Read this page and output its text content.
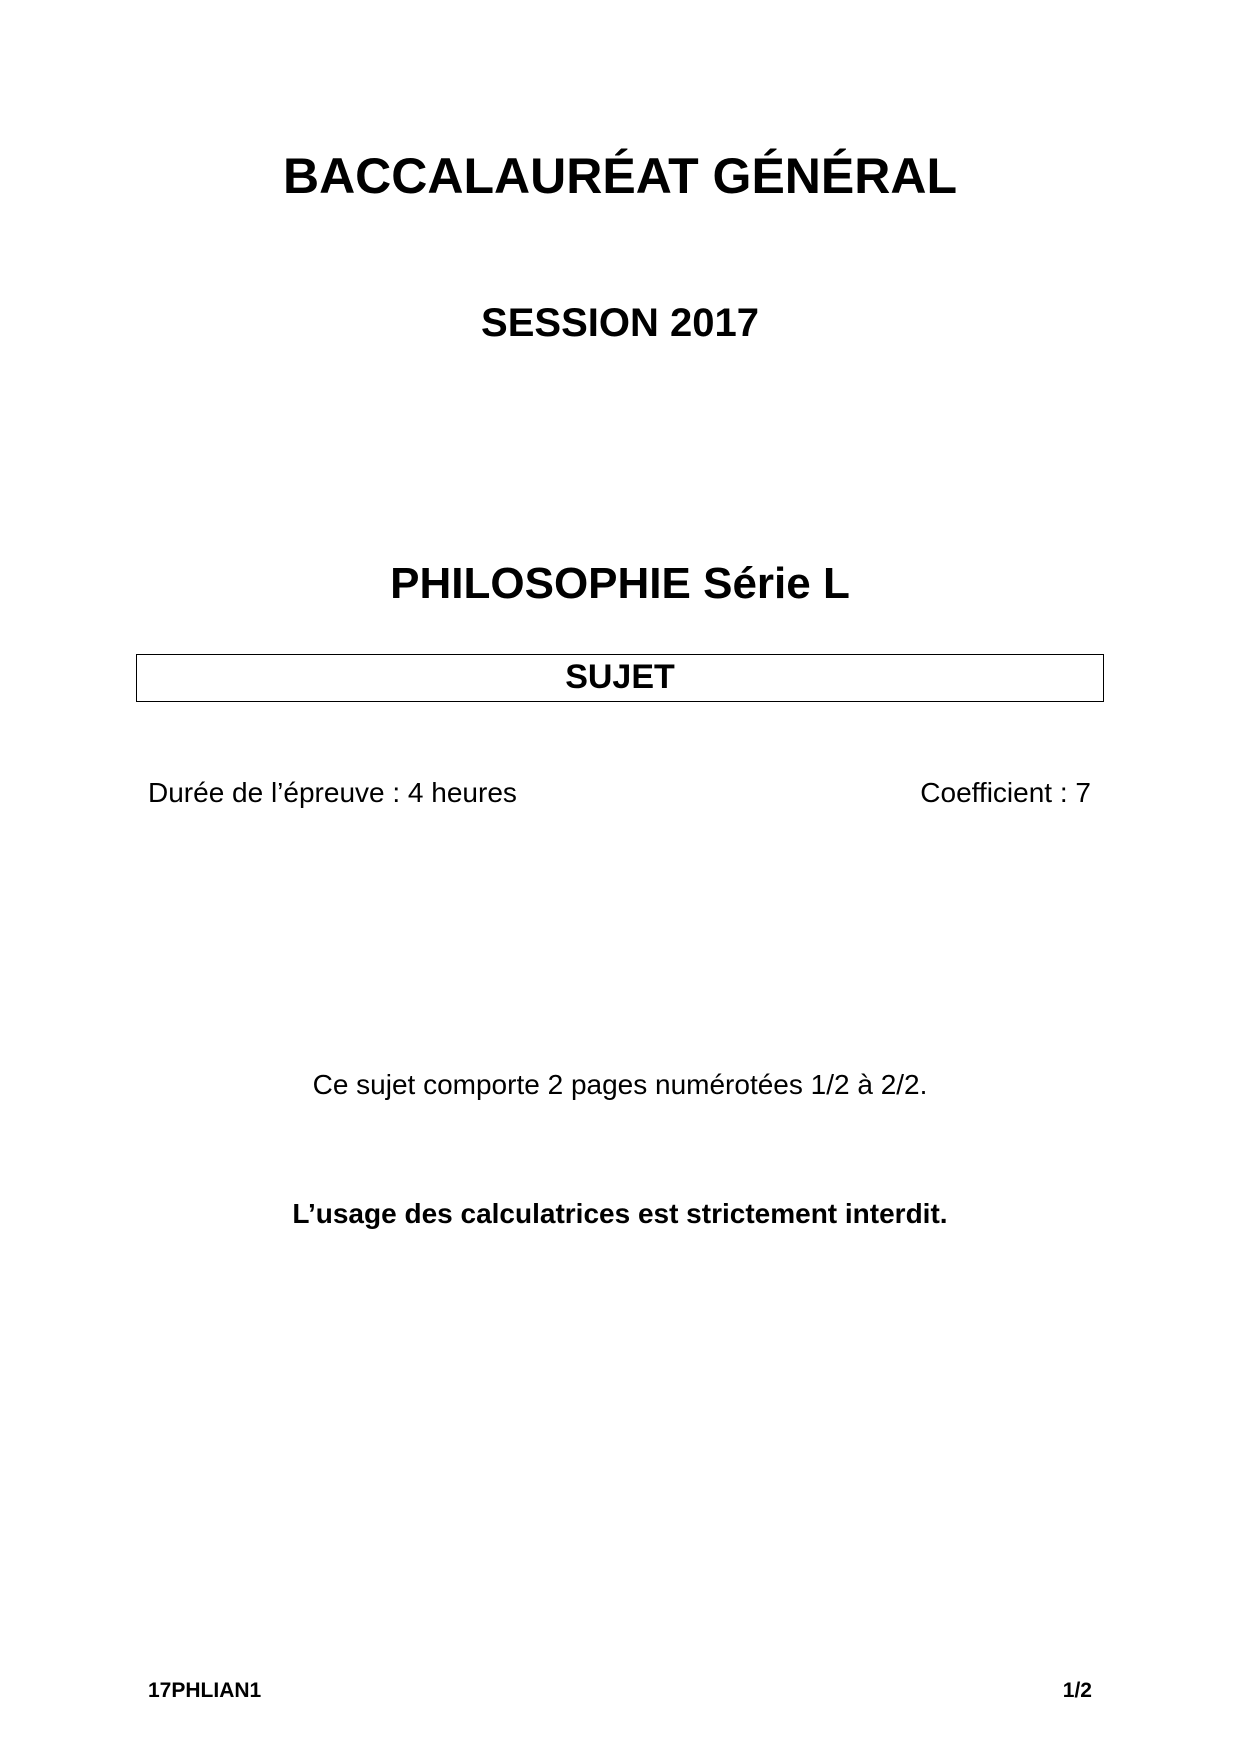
BACCALAURÉAT GÉNÉRAL
SESSION 2017
PHILOSOPHIE Série L
SUJET
Durée de l’épreuve : 4 heures	Coefficient : 7
Ce sujet comporte 2 pages numérotées 1/2 à 2/2.
L’usage des calculatrices est strictement interdit.
17PHLIAN1	1/2
